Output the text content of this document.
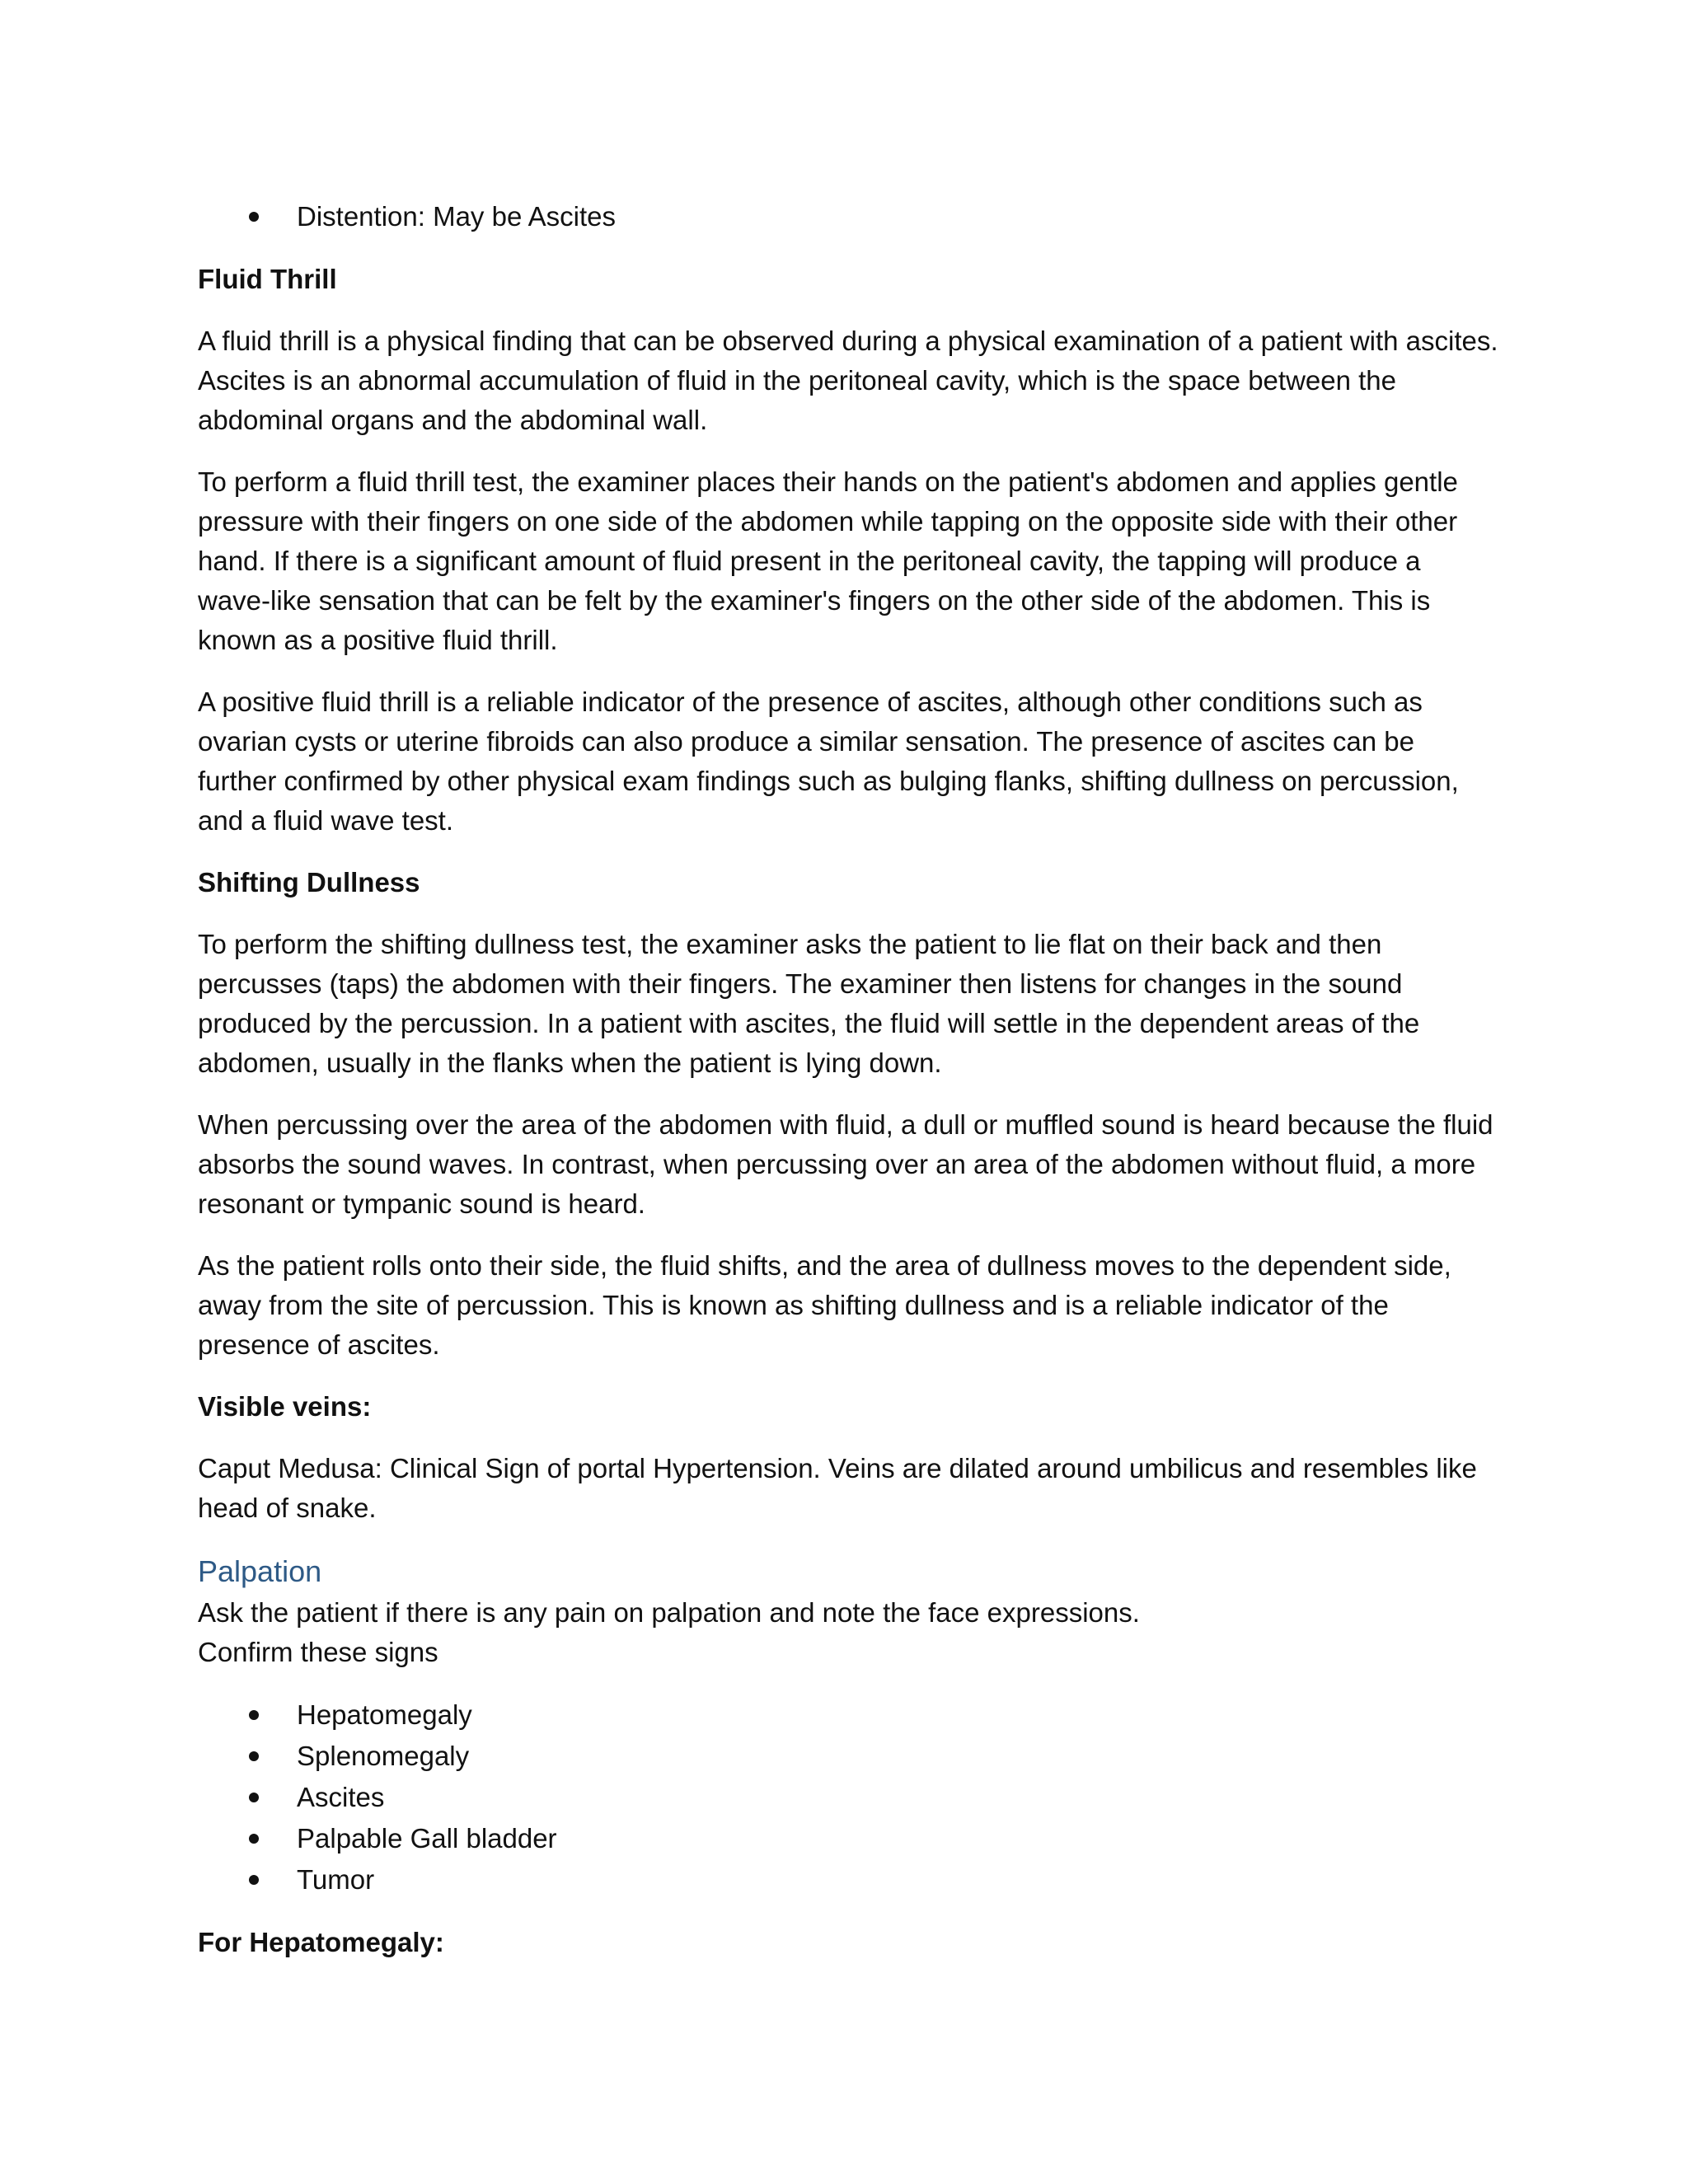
Distention: May be Ascites

Fluid Thrill

A fluid thrill is a physical finding that can be observed during a physical examination of a patient with ascites. Ascites is an abnormal accumulation of fluid in the peritoneal cavity, which is the space between the abdominal organs and the abdominal wall.

To perform a fluid thrill test, the examiner places their hands on the patient's abdomen and applies gentle pressure with their fingers on one side of the abdomen while tapping on the opposite side with their other hand. If there is a significant amount of fluid present in the peritoneal cavity, the tapping will produce a wave-like sensation that can be felt by the examiner's fingers on the other side of the abdomen. This is known as a positive fluid thrill.

A positive fluid thrill is a reliable indicator of the presence of ascites, although other conditions such as ovarian cysts or uterine fibroids can also produce a similar sensation. The presence of ascites can be further confirmed by other physical exam findings such as bulging flanks, shifting dullness on percussion, and a fluid wave test.

Shifting Dullness

To perform the shifting dullness test, the examiner asks the patient to lie flat on their back and then percusses (taps) the abdomen with their fingers. The examiner then listens for changes in the sound produced by the percussion. In a patient with ascites, the fluid will settle in the dependent areas of the abdomen, usually in the flanks when the patient is lying down.

When percussing over the area of the abdomen with fluid, a dull or muffled sound is heard because the fluid absorbs the sound waves. In contrast, when percussing over an area of the abdomen without fluid, a more resonant or tympanic sound is heard.

As the patient rolls onto their side, the fluid shifts, and the area of dullness moves to the dependent side, away from the site of percussion. This is known as shifting dullness and is a reliable indicator of the presence of ascites.

Visible veins:

Caput Medusa: Clinical Sign of portal Hypertension. Veins are dilated around umbilicus and resembles like head of snake.

Palpation

Ask the patient if there is any pain on palpation and note the face expressions.

Confirm these signs

Hepatomegaly
Splenomegaly
Ascites
Palpable Gall bladder
Tumor

For Hepatomegaly:
